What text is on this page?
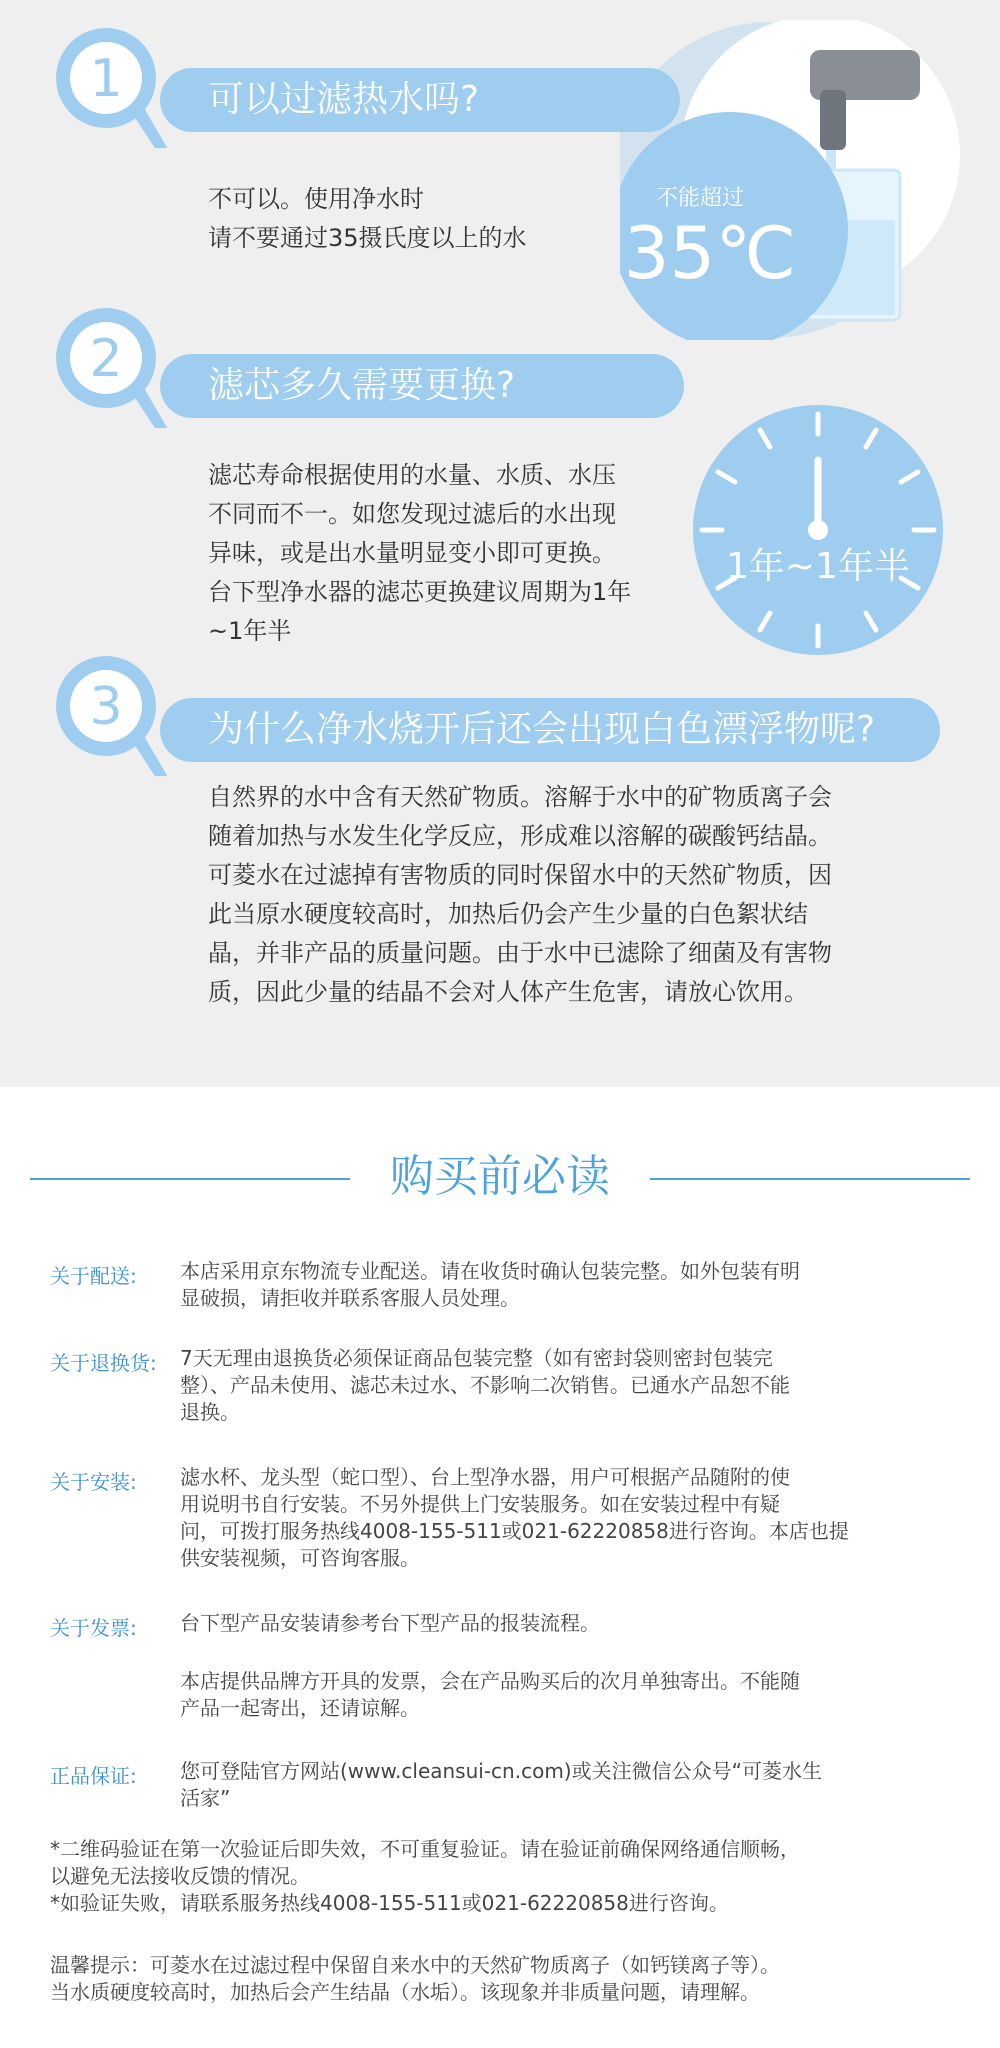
1	可以过滤热水吗?
不可以。使用净水时
请不要通过35摄氏度以上的水
不能超过
35℃
2	滤芯多久需要更换?
滤芯寿命根据使用的水量、水质、水压
不同而不一。如您发现过滤后的水出现
异味，或是出水量明显变小即可更换。
台下型净水器的滤芯更换建议周期为1年
~1年半
1年~1年半
3	为什么净水烧开后还会出现白色漂浮物呢?
自然界的水中含有天然矿物质。溶解于水中的矿物质离子会
随着加热与水发生化学反应，形成难以溶解的碳酸钙结晶。
可菱水在过滤掉有害物质的同时保留水中的天然矿物质，因
此当原水硬度较高时，加热后仍会产生少量的白色絮状结
晶，并非产品的质量问题。由于水中已滤除了细菌及有害物
质，因此少量的结晶不会对人体产生危害，请放心饮用。
购买前必读
关于配送: 本店采用京东物流专业配送。请在收货时确认包装完整。如外包装有明
显破损，请拒收并联系客服人员处理。
关于退换货: 7天无理由退换货必须保证商品包装完整（如有密封袋则密封包装完
整）、产品未使用、滤芯未过水、不影响二次销售。已通水产品恕不能
退换。
关于安装: 滤水杯、龙头型（蛇口型）、台上型净水器，用户可根据产品随附的使
用说明书自行安装。不另外提供上门安装服务。如在安装过程中有疑
问，可拨打服务热线4008-155-511或021-62220858进行咨询。本店也提
供安装视频，可咨询客服。
关于发票: 台下型产品安装请参考台下型产品的报装流程。
本店提供品牌方开具的发票，会在产品购买后的次月单独寄出。不能随
产品一起寄出，还请谅解。
正品保证: 您可登陆官方网站(www.cleansui-cn.com)或关注微信公众号“可菱水生
活家”
*二维码验证在第一次验证后即失效，不可重复验证。请在验证前确保网络通信顺畅，
以避免无法接收反馈的情况。
*如验证失败，请联系服务热线4008-155-511或021-62220858进行咨询。
温馨提示：可菱水在过滤过程中保留自来水中的天然矿物质离子（如钙镁离子等）。
当水质硬度较高时，加热后会产生结晶（水垢）。该现象并非质量问题，请理解。
